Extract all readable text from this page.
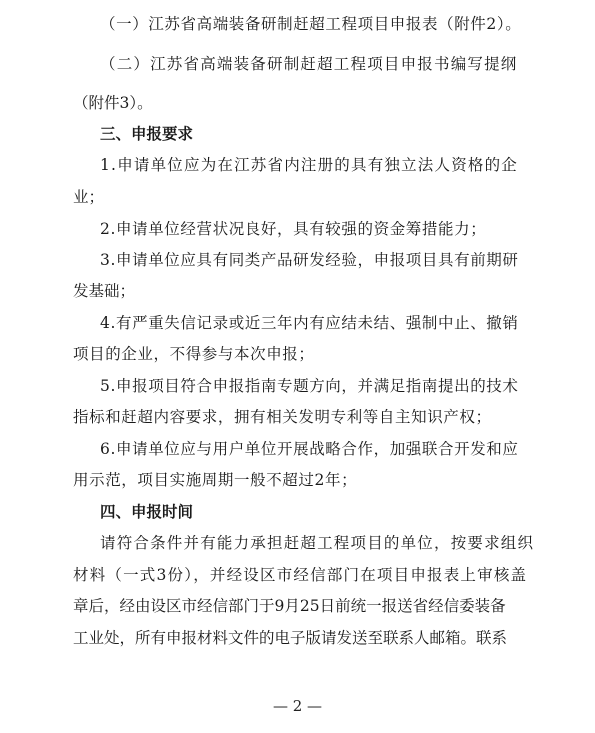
（一）江苏省高端装备研制赶超工程项目申报表（附件2）。
（二）江苏省高端装备研制赶超工程项目申报书编写提纲
（附件3）。
三、申报要求
1.申请单位应为在江苏省内注册的具有独立法人资格的企
业；
2.申请单位经营状况良好，具有较强的资金筹措能力；
3.申请单位应具有同类产品研发经验，申报项目具有前期研
发基础；
4.有严重失信记录或近三年内有应结未结、强制中止、撤销
项目的企业，不得参与本次申报；
5.申报项目符合申报指南专题方向，并满足指南提出的技术
指标和赶超内容要求，拥有相关发明专利等自主知识产权；
6.申请单位应与用户单位开展战略合作，加强联合开发和应
用示范，项目实施周期一般不超过2年；
四、申报时间
请符合条件并有能力承担赶超工程项目的单位，按要求组织
材料（一式3份），并经设区市经信部门在项目申报表上审核盖
章后，经由设区市经信部门于9月25日前统一报送省经信委装备
工业处，所有申报材料文件的电子版请发送至联系人邮箱。联系
— 2 —
